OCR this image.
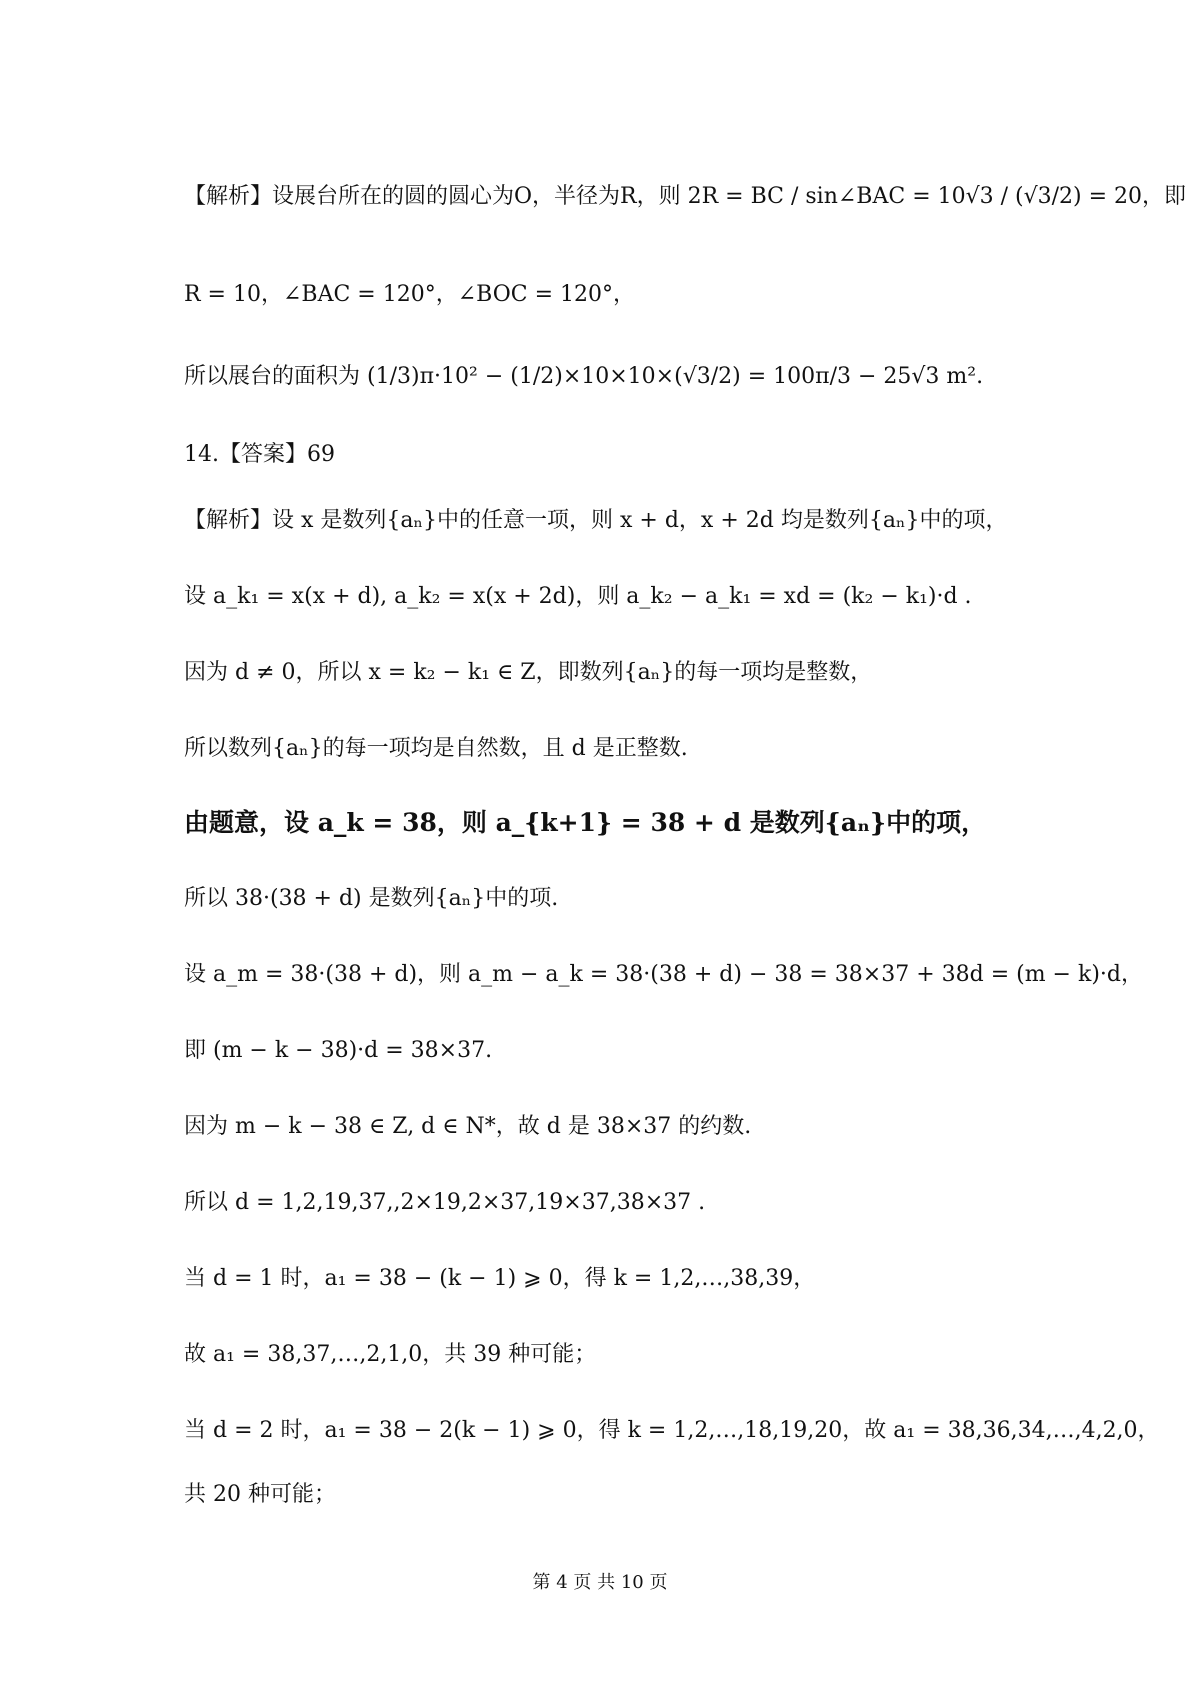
【解析】设展台所在的圆的圆心为O，半径为R，则 2R = BC / sin∠BAC = 10√3 / (√3/2) = 20，即
R = 10，∠BAC = 120°，∠BOC = 120°，
所以展台的面积为 (1/3)π·10² − (1/2)×10×10×(√3/2) = 100π/3 − 25√3 m².
14.【答案】69
【解析】设 x 是数列{aₙ}中的任意一项，则 x + d，x + 2d 均是数列{aₙ}中的项，
设 a_k₁ = x(x + d), a_k₂ = x(x + 2d)，则 a_k₂ − a_k₁ = xd = (k₂ − k₁)·d .
因为 d ≠ 0，所以 x = k₂ − k₁ ∈ Z，即数列{aₙ}的每一项均是整数，
所以数列{aₙ}的每一项均是自然数，且 d 是正整数.
由题意，设 a_k = 38，则 a_{k+1} = 38 + d 是数列{aₙ}中的项，
所以 38·(38 + d) 是数列{aₙ}中的项.
设 a_m = 38·(38 + d)，则 a_m − a_k = 38·(38 + d) − 38 = 38×37 + 38d = (m − k)·d，
即 (m − k − 38)·d = 38×37.
因为 m − k − 38 ∈ Z, d ∈ N*，故 d 是 38×37 的约数.
所以 d = 1,2,19,37,,2×19,2×37,19×37,38×37 .
当 d = 1 时，a₁ = 38 − (k − 1) ⩾ 0，得 k = 1,2,…,38,39，
故 a₁ = 38,37,…,2,1,0，共 39 种可能；
当 d = 2 时，a₁ = 38 − 2(k − 1) ⩾ 0，得 k = 1,2,…,18,19,20，故 a₁ = 38,36,34,…,4,2,0，
共 20 种可能；
第 4 页 共 10 页
